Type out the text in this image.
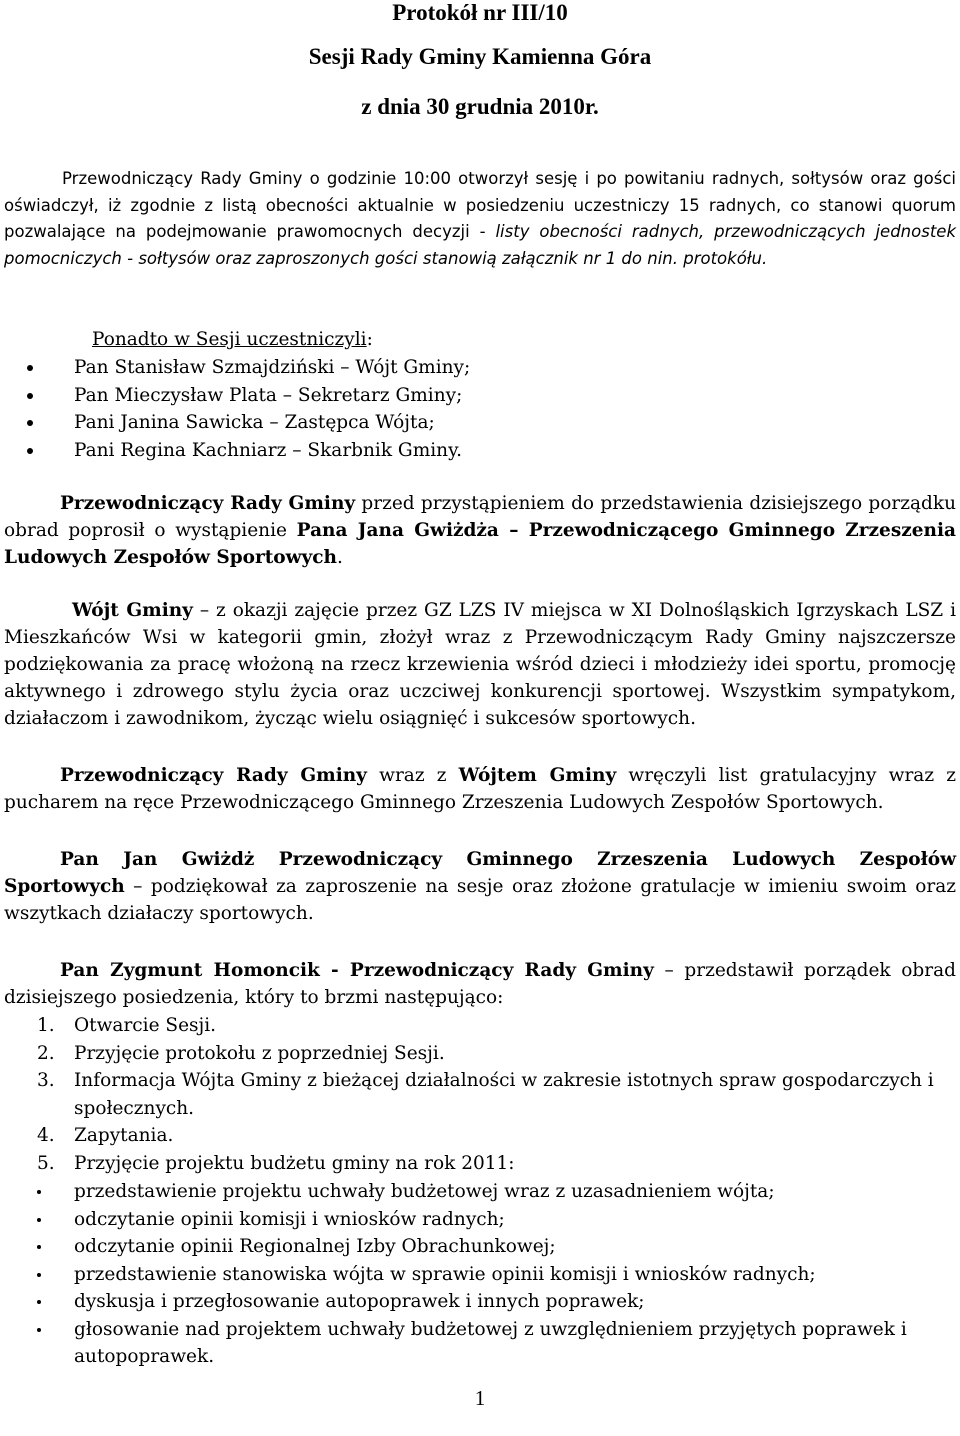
Protokół nr III/10
Sesji Rady Gminy Kamienna Góra
z dnia 30 grudnia 2010r.
Przewodniczący Rady Gminy o godzinie 10:00 otworzył sesję i po powitaniu radnych, sołtysów oraz gości oświadczył, iż zgodnie z listą obecności aktualnie w posiedzeniu uczestniczy 15 radnych, co stanowi quorum pozwalające na podejmowanie prawomocnych decyzji - listy obecności radnych, przewodniczących jednostek pomocniczych - sołtysów oraz zaproszonych gości stanowią załącznik nr 1 do nin. protokółu.
Ponadto w Sesji uczestniczyli:
Pan Stanisław Szmajdziński – Wójt Gminy;
Pan Mieczysław Plata – Sekretarz Gminy;
Pani Janina Sawicka – Zastępca Wójta;
Pani Regina Kachniarz – Skarbnik Gminy.
Przewodniczący Rady Gminy przed przystąpieniem do przedstawienia dzisiejszego porządku obrad poprosił o wystąpienie Pana Jana Gwiżdża – Przewodniczącego Gminnego Zrzeszenia Ludowych Zespołów Sportowych.
Wójt Gminy – z okazji zajęcie przez GZ LZS IV miejsca w XI Dolnośląskich Igrzyskach LSZ i Mieszkańców Wsi w kategorii gmin, złożył wraz z Przewodniczącym Rady Gminy najszczersze podziękowania za pracę włożoną na rzecz krzewienia wśród dzieci i młodzieży idei sportu, promocję aktywnego i zdrowego stylu życia oraz uczciwej konkurencji sportowej. Wszystkim sympatykom, działaczom i zawodnikom, życząc wielu osiągnięć i sukcesów sportowych.
Przewodniczący Rady Gminy wraz z Wójtem Gminy wręczyli list gratulacyjny wraz z pucharem na ręce Przewodniczącego Gminnego Zrzeszenia Ludowych Zespołów Sportowych.
Pan Jan Gwiżdż Przewodniczący Gminnego Zrzeszenia Ludowych Zespołów Sportowych – podziękował za zaproszenie na sesje oraz złożone gratulacje w imieniu swoim oraz wszytkach działaczy sportowych.
Pan Zygmunt Homoncik - Przewodniczący Rady Gminy – przedstawił porządek obrad dzisiejszego posiedzenia, który to brzmi następująco:
1. Otwarcie Sesji.
2. Przyjęcie protokołu z poprzedniej Sesji.
3. Informacja Wójta Gminy z bieżącej działalności w zakresie istotnych spraw gospodarczych i społecznych.
4. Zapytania.
5. Przyjęcie projektu budżetu gminy na rok 2011:
przedstawienie projektu uchwały budżetowej wraz z uzasadnieniem wójta;
odczytanie opinii komisji i wniosków radnych;
odczytanie opinii Regionalnej Izby Obrachunkowej;
przedstawienie stanowiska wójta w sprawie opinii komisji i wniosków radnych;
dyskusja i przegłosowanie autopoprawek i innych poprawek;
głosowanie nad projektem uchwały budżetowej z uwzględnieniem przyjętych poprawek i
autopoprawek.
1
